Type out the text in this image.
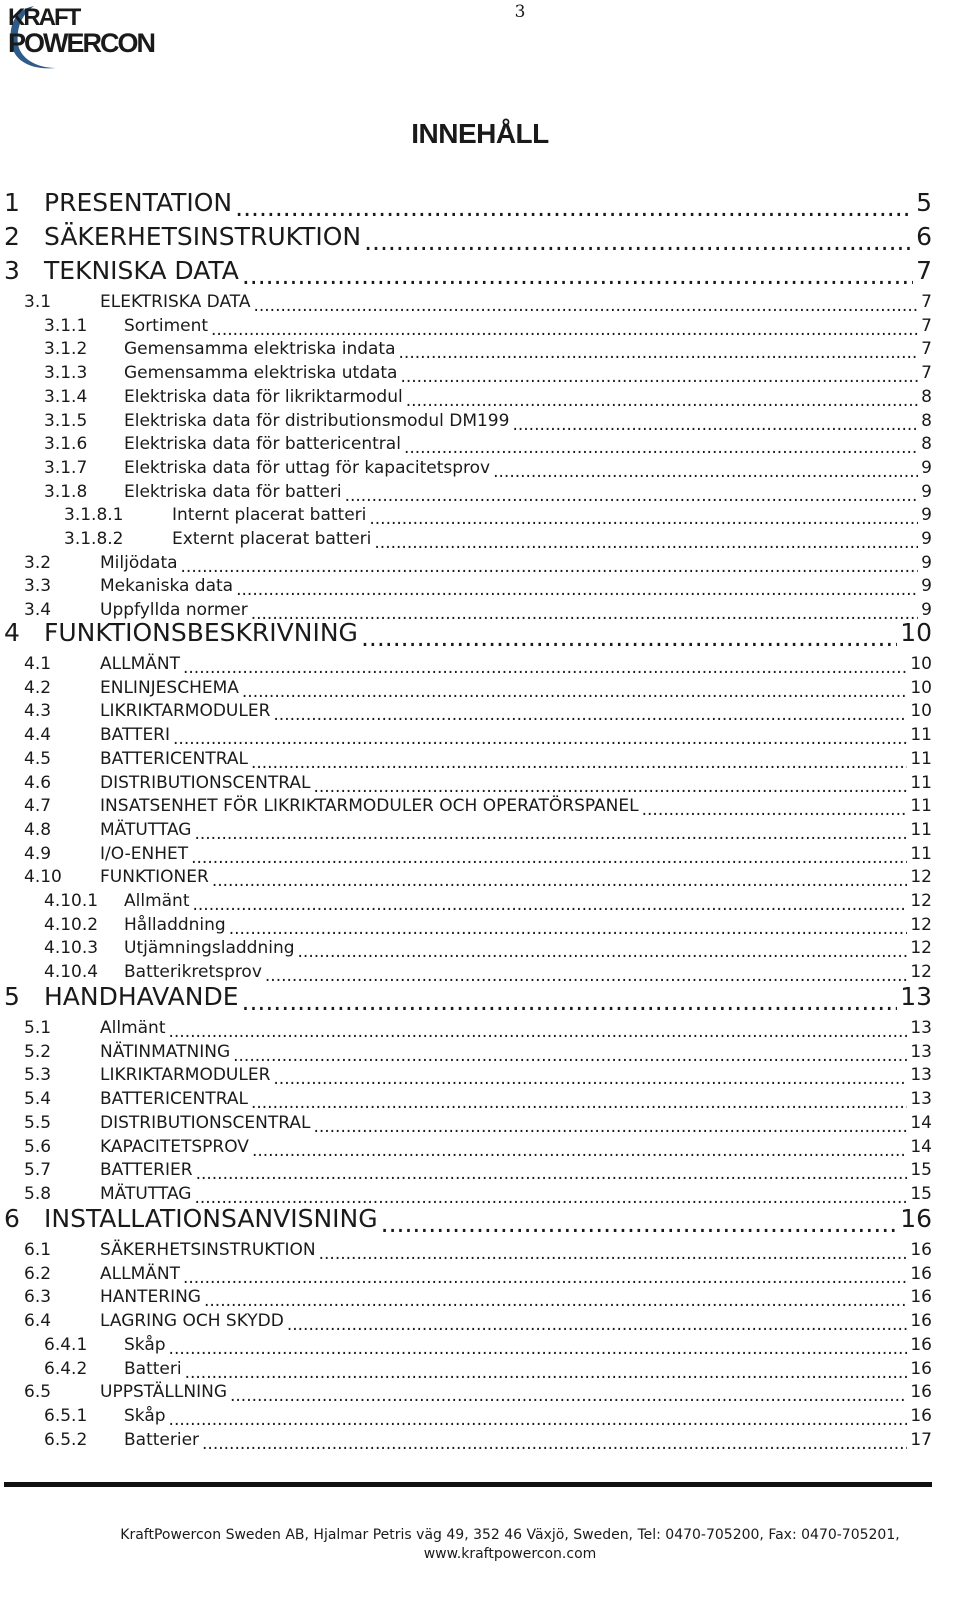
3
KRAFT
POWERCON
INNEHÅLL
1 PRESENTATION .....	5
2 SÄKERHETSINSTRUKTION .....	6
3 TEKNISKA DATA .....	7
3.1	ELEKTRISKA DATA .....	7
3.1.1	Sortiment .....	7
3.1.2	Gemensamma elektriska indata .....	7
3.1.3	Gemensamma elektriska utdata .....	7
3.1.4	Elektriska data för likriktarmodul .....	8
3.1.5	Elektriska data för distributionsmodul DM199 .....	8
3.1.6	Elektriska data för battericentral .....	8
3.1.7	Elektriska data för uttag för kapacitetsprov .....	9
3.1.8	Elektriska data för batteri .....	9
3.1.8.1	Internt placerat batteri .....	9
3.1.8.2	Externt placerat batteri .....	9
3.2	Miljödata .....	9
3.3	Mekaniska data .....	9
3.4	Uppfyllda normer .....	9
4 FUNKTIONSBESKRIVNING .....	10
4.1	ALLMÄNT .....	10
4.2	ENLINJESCHEMA .....	10
4.3	LIKRIKTARMODULER .....	10
4.4	BATTERI .....	11
4.5	BATTERICENTRAL .....	11
4.6	DISTRIBUTIONSCENTRAL .....	11
4.7	INSATSENHET FÖR LIKRIKTARMODULER OCH OPERATÖRSPANEL .....	11
4.8	MÄTUTTAG .....	11
4.9	I/O-ENHET .....	11
4.10	FUNKTIONER .....	12
4.10.1	Allmänt .....	12
4.10.2	Hålladdning .....	12
4.10.3	Utjämningsladdning .....	12
4.10.4	Batterikretsprov .....	12
5 HANDHAVANDE .....	13
5.1	Allmänt .....	13
5.2	NÄTINMATNING .....	13
5.3	LIKRIKTARMODULER .....	13
5.4	BATTERICENTRAL .....	13
5.5	DISTRIBUTIONSCENTRAL .....	14
5.6	KAPACITETSPROV .....	14
5.7	BATTERIER .....	15
5.8	MÄTUTTAG .....	15
6 INSTALLATIONSANVISNING .....	16
6.1	SÄKERHETSINSTRUKTION .....	16
6.2	ALLMÄNT .....	16
6.3	HANTERING .....	16
6.4	LAGRING OCH SKYDD .....	16
6.4.1	Skåp .....	16
6.4.2	Batteri .....	16
6.5	UPPSTÄLLNING .....	16
6.5.1	Skåp .....	16
6.5.2	Batterier .....	17
KraftPowercon Sweden AB, Hjalmar Petris väg 49, 352 46 Växjö, Sweden, Tel: 0470-705200, Fax: 0470-705201,
www.kraftpowercon.com
